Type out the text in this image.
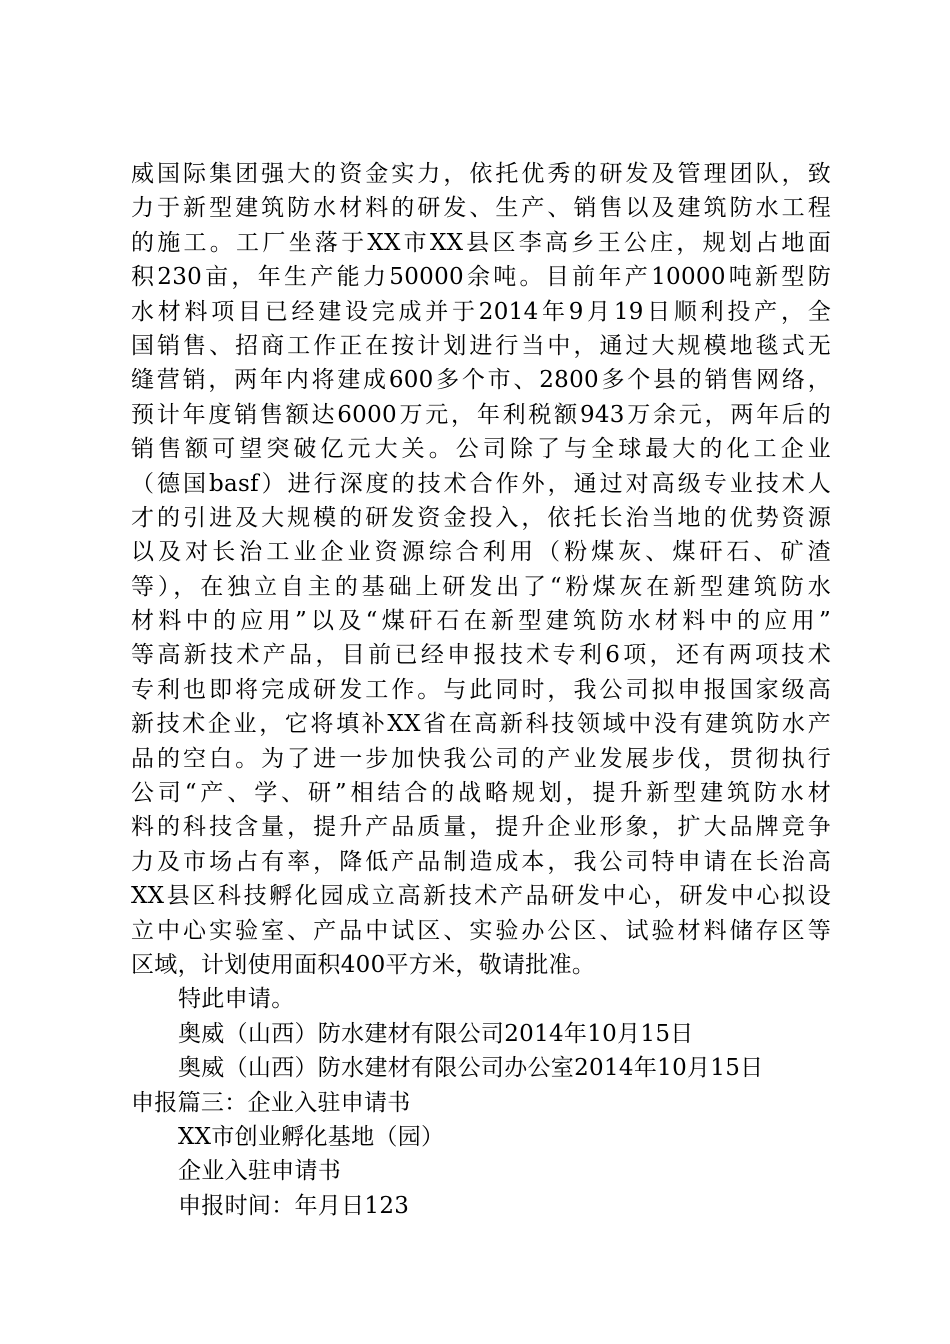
威国际集团强大的资金实力，依托优秀的研发及管理团队，致
力于新型建筑防水材料的研发、生产、销售以及建筑防水工程
的施工。工厂坐落于XX市XX县区李高乡王公庄，规划占地面
积230亩，年生产能力50000余吨。目前年产10000吨新型防
水材料项目已经建设完成并于2014年9月19日顺利投产，全
国销售、招商工作正在按计划进行当中，通过大规模地毯式无
缝营销，两年内将建成600多个市、2800多个县的销售网络，
预计年度销售额达6000万元，年利税额943万余元，两年后的
销售额可望突破亿元大关。公司除了与全球最大的化工企业
（德国basf）进行深度的技术合作外，通过对高级专业技术人
才的引进及大规模的研发资金投入，依托长治当地的优势资源
以及对长治工业企业资源综合利用（粉煤灰、煤矸石、矿渣
等），在独立自主的基础上研发出了“粉煤灰在新型建筑防水
材料中的应用”以及“煤矸石在新型建筑防水材料中的应用”
等高新技术产品，目前已经申报技术专利6项，还有两项技术
专利也即将完成研发工作。与此同时，我公司拟申报国家级高
新技术企业，它将填补XX省在高新科技领域中没有建筑防水产
品的空白。为了进一步加快我公司的产业发展步伐，贯彻执行
公司“产、学、研”相结合的战略规划，提升新型建筑防水材
料的科技含量，提升产品质量，提升企业形象，扩大品牌竞争
力及市场占有率，降低产品制造成本，我公司特申请在长治高
XX县区科技孵化园成立高新技术产品研发中心，研发中心拟设
立中心实验室、产品中试区、实验办公区、试验材料储存区等
区域，计划使用面积400平方米，敬请批准。
特此申请。
奥威（山西）防水建材有限公司2014年10月15日
奥威（山西）防水建材有限公司办公室2014年10月15日
申报篇三：企业入驻申请书
XX市创业孵化基地（园）
企业入驻申请书
申报时间：年月日123
